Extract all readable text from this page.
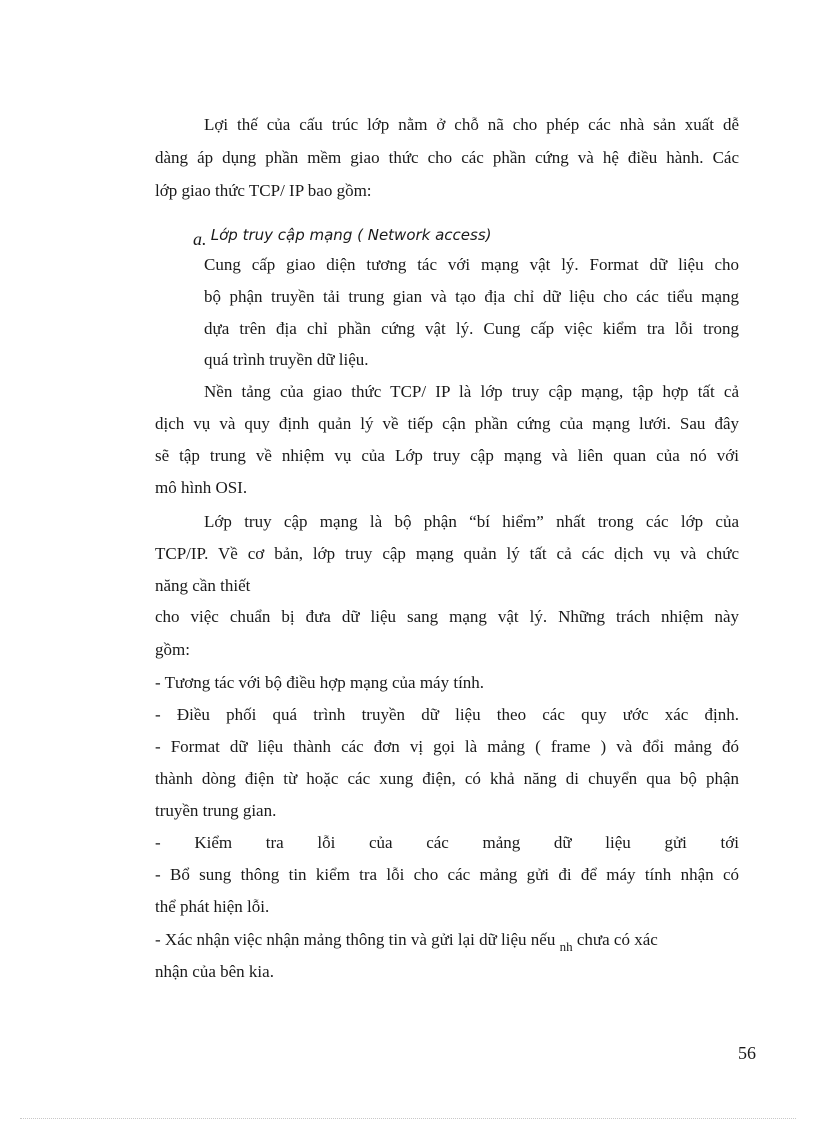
Lợi thế của cấu trúc lớp nằm ở chỗ nã cho phép các nhà sản xuất dễ
dàng áp dụng phần mềm giao thức cho các phần cứng và hệ điều hành. Các
lớp giao thức TCP/ IP bao gồm:
a. Lớp truy cập mạng ( Network access)
Cung cấp giao diện tương tác với mạng vật lý. Format dữ liệu cho
bộ phận truyền tải trung gian và tạo địa chỉ dữ liệu cho các tiểu mạng
dựa trên địa chỉ phần cứng vật lý. Cung cấp việc kiểm tra lỗi trong
quá trình truyền dữ liệu.
Nền tảng của giao thức TCP/ IP là lớp truy cập mạng, tập hợp tất cả
dịch vụ và quy định quản lý về tiếp cận phần cứng của mạng lưới. Sau đây
sẽ tập trung về nhiệm vụ của Lớp truy cập mạng và liên quan của nó với
mô hình OSI.
Lớp truy cập mạng là bộ phận “bí hiểm” nhất trong các lớp của
TCP/IP. Về cơ bản, lớp truy cập mạng quản lý tất cả các dịch vụ và chức
năng cần thiết
cho việc chuẩn bị đưa dữ liệu sang mạng vật lý. Những trách nhiệm này
gồm:
- Tương tác với bộ điều hợp mạng của máy tính.
- Điều phối quá trình truyền dữ liệu theo các quy ước xác định.
- Format dữ liệu thành các đơn vị gọi là mảng ( frame ) và đổi mảng đó
thành dòng điện từ hoặc các xung điện, có khả năng di chuyển qua bộ phận
truyền trung gian.
- Kiểm tra lỗi của các mảng dữ liệu gửi tới
- Bổ sung thông tin kiểm tra lỗi cho các mảng gửi đi để máy tính nhận có
thể phát hiện lỗi.
- Xác nhận việc nhận mảng thông tin và gửi lại dữ liệu nếu $_{nh}$ chưa có xác
nhận của bên kia.
56
